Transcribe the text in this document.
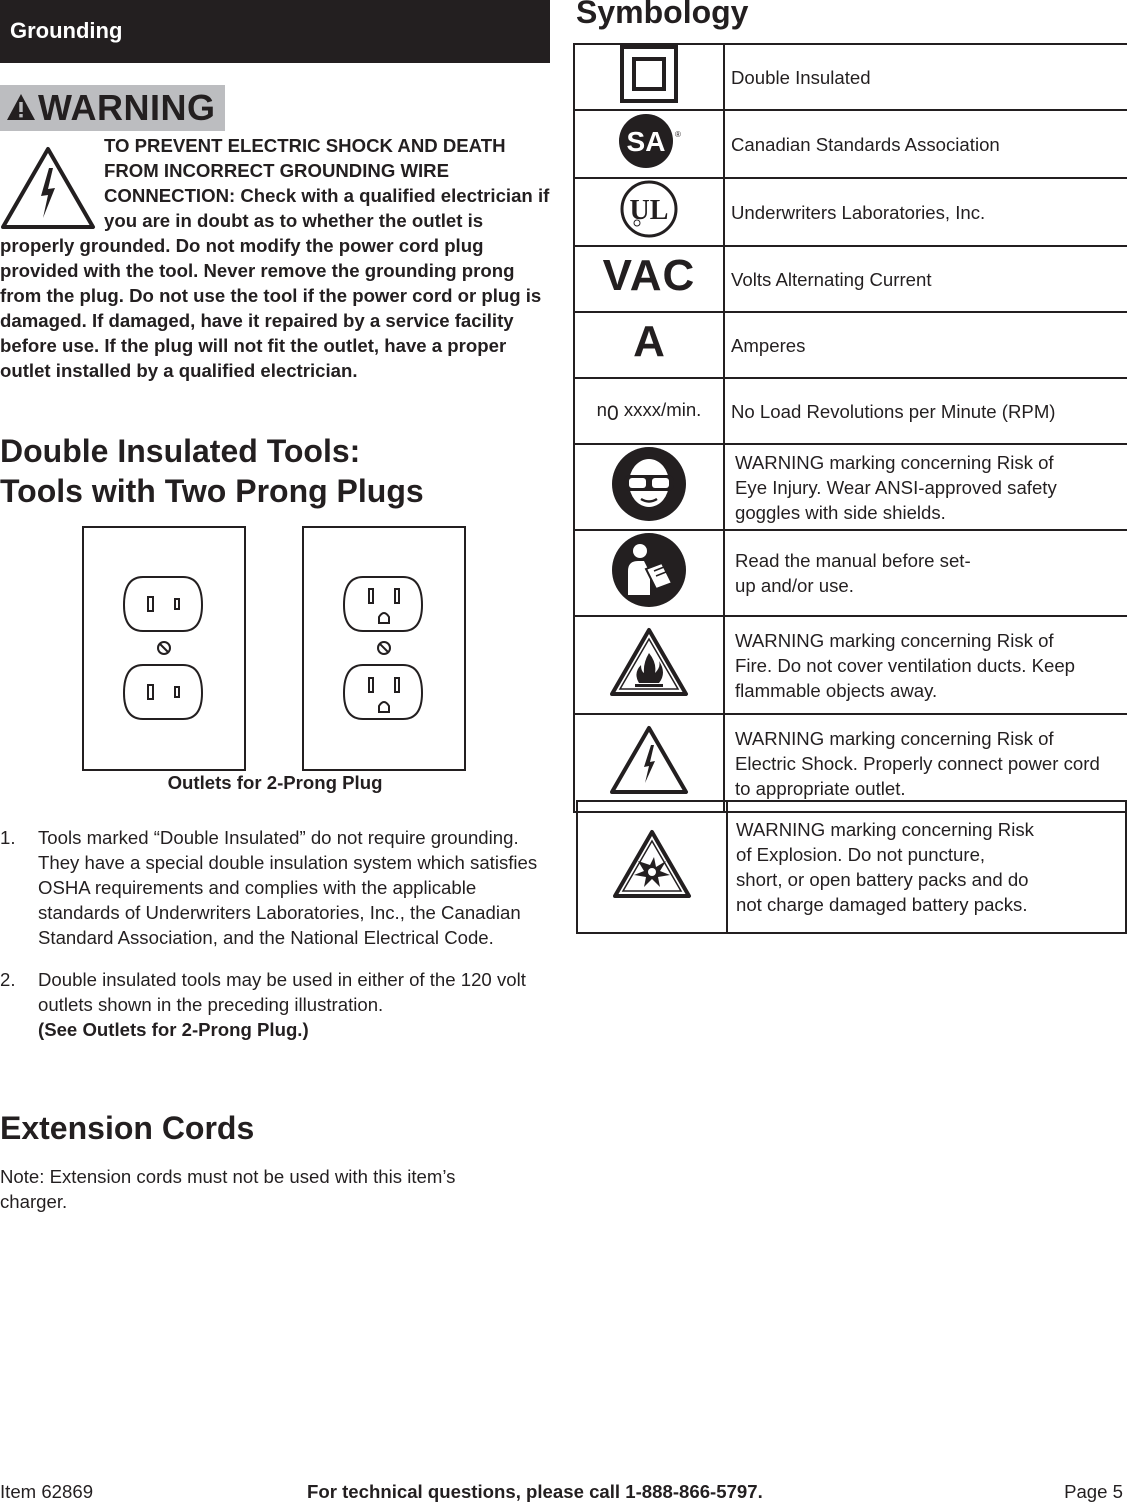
Grounding
WARNING

TO PREVENT ELECTRIC SHOCK AND DEATH FROM INCORRECT GROUNDING WIRE CONNECTION: Check with a qualified electrician if you are in doubt as to whether the outlet is properly grounded. Do not modify the power cord plug provided with the tool. Never remove the grounding prong from the plug. Do not use the tool if the power cord or plug is damaged. If damaged, have it repaired by a service facility before use. If the plug will not fit the outlet, have a proper outlet installed by a qualified electrician.

Double Insulated Tools:
Tools with Two Prong Plugs
Outlets for 2-Prong Plug
1. Tools marked “Double Insulated” do not require grounding. They have a special double insulation system which satisfies OSHA requirements and complies with the applicable standards of Underwriters Laboratories, Inc., the Canadian Standard Association, and the National Electrical Code.
2. Double insulated tools may be used in either of the 120 volt outlets shown in the preceding illustration.
(See Outlets for 2-Prong Plug.)
Extension Cords
Note: Extension cords must not be used with this item’s charger.
Symbology
	Double Insulated

SA ®	Canadian Standards Association

UL	Underwriters Laboratories, Inc.
VAC	Volts Alternating Current
A	Amperes
$n_0$ xxxx/min.	No Load Revolutions per Minute (RPM)

WARNING marking concerning Risk of Eye Injury. Wear ANSI-approved safety goggles with side shields.

Read the manual before set-up and/or use.

WARNING marking concerning Risk of Fire. Do not cover ventilation ducts. Keep flammable objects away.

WARNING marking concerning Risk of Electric Shock. Properly connect power cord to appropriate outlet.

WARNING marking concerning Risk of Explosion. Do not puncture, short, or open battery packs and do not charge damaged battery packs.
Item 62869	For technical questions, please call 1-888-866-5797.	Page 5
